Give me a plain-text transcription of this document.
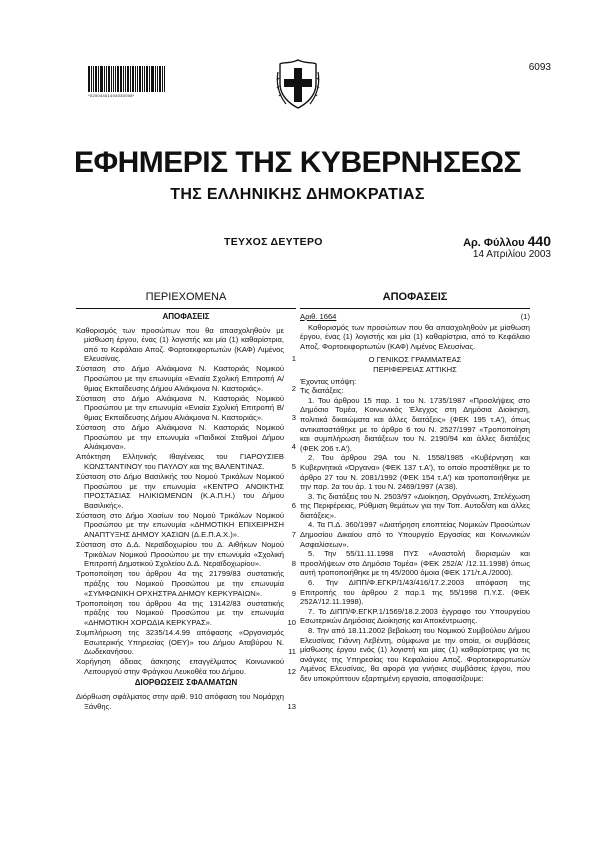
*02004401404030008*
6093
ΕΦΗΜΕΡΙΣ ΤΗΣ ΚΥΒΕΡΝΗΣΕΩΣ
ΤΗΣ ΕΛΛΗΝΙΚΗΣ ΔΗΜΟΚΡΑΤΙΑΣ
ΤΕΥΧΟΣ ΔΕΥΤΕΡΟ	Αρ. Φύλλου 440
14 Απριλίου 2003
ΠΕΡΙΕΧΟΜΕΝΑ
ΑΠΟΦΑΣΕΙΣ
Καθορισμός των προσώπων που θα απασχοληθούν με μίσθωση έργου, ένας (1) λογιστής και μία (1) καθαρίστρια, από το Κεφάλαιο Αποζ. Φορτοεκφορτωτών (ΚΑΦ) Λιμένος Ελευσίνας.	1
Σύσταση στο Δήμο Αλιάκμονα Ν. Καστοριάς Νομικού Προσώπου με την επωνυμία «Ενιαία Σχολική Επιτροπή Α/θμιας Εκπαίδευσης Δήμου Αλιάκμονα Ν. Καστοριάς».	2
Σύσταση στο Δήμο Αλιάκμονα Ν. Καστοριάς Νομικού Προσώπου με την επωνυμία «Ενιαία Σχολική Επιτροπή Β/θμιας Εκπαίδευσης Δήμου Αλιάκμονα Ν. Καστοριάς».	3
Σύσταση στο Δήμο Αλιάκμονα Ν. Καστοριάς Νομικού Προσώπου με την επωνυμία «Παιδικοί Σταθμοί Δήμου Αλιάκμονα».	4
Απόκτηση Ελληνικής Ιθαγένειας του ΓΙΑΡΟΥΣΙΕΒ ΚΩΝΣΤΑΝΤΙΝΟΥ του ΠΑΥΛΟΥ και της ΒΑΛΕΝΤΙΝΑΣ.	5
Σύσταση στο Δήμο Βασιλικής του Νομού Τρικάλων Νομικού Προσώπου με την επωνυμία «ΚΕΝΤΡΟ ΑΝΟΙΚΤΗΣ ΠΡΟΣΤΑΣΙΑΣ ΗΛΙΚΙΩΜΕΝΩΝ (Κ.Α.Π.Η.) του Δήμου Βασιλικής».	6
Σύσταση στο Δήμο Χασίων του Νομού Τρικάλων Νομικού Προσώπου με την επωνυμία «ΔΗΜΟΤΙΚΗ ΕΠΙΧΕΙΡΗΣΗ ΑΝΑΠΤΥΞΗΣ ΔΗΜΟΥ ΧΑΣΙΩΝ (Δ.Ε.Π.Α.Χ.)».	7
Σύσταση στο Δ.Δ. Νεραϊδοχωρίου του Δ. Αιθήκων Νομού Τρικάλων Νομικού Προσώπου με την επωνυμία «Σχολική Επιτροπή Δημοτικού Σχολείου Δ.Δ. Νεραϊδοχωρίου».	8
Τροποποίηση του άρθρου 4α της 21799/83 συστατικής πράξης του Νομικού Προσώπου με την επωνυμία «ΣΥΜΦΩΝΙΚΗ ΟΡΧΗΣΤΡΑ ΔΗΜΟΥ ΚΕΡΚΥΡΑΙΩΝ».	9
Τροποποίηση του άρθρου 4α της 13142/83 συστατικής πράξης του Νομικού Προσώπου με την επωνυμία «ΔΗΜΟΤΙΚΗ ΧΟΡΩΔΙΑ ΚΕΡΚΥΡΑΣ».	10
Συμπλήρωση της 3235/14.4.99 απόφασης «Οργανισμός Εσωτερικής Υπηρεσίας (ΟΕΥ)» του Δήμου Αταβύρου Ν. Δωδεκανήσου.	11
Χορήγηση άδειας άσκησης επαγγέλματος Κοινωνικού Λειτουργού στην Φράγκου Λευκοθέα του Δήμου.	12
ΔΙΟΡΘΩΣΕΙΣ ΣΦΑΛΜΑΤΩΝ
Διόρθωση σφάλματος στην αριθ. 910 απόφαση του Νομάρχη Ξάνθης.	13
ΑΠΟΦΑΣΕΙΣ
Αριθ. 1664	(1)

Καθορισμός των προσώπων που θα απασχοληθούν με μίσθωση έργου, ένας (1) λογιστής και μία (1) καθαρίστρια, από το Κεφάλαιο Αποζ. Φορτοεκφορτωτών (ΚΑΦ) Λιμένος Ελευσίνας.

Ο ΓΕΝΙΚΟΣ ΓΡΑΜΜΑΤΕΑΣ
ΠΕΡΙΦΕΡΕΙΑΣ ΑΤΤΙΚΗΣ

Έχοντας υπόψη:

Τις διατάξεις:

1. Του άρθρου 15 παρ. 1 του Ν. 1735/1987 «Προσλήψεις στο Δημόσιο Τομέα, Κοινωνικός Έλεγχος στη Δημόσια Διοίκηση, πολιτικά δικαιώματα και άλλες διατάξεις» (ΦΕΚ 195 τ.Α'), όπως αντικαταστάθηκε με το άρθρο 6 του Ν. 2527/1997 «Τροποποίηση και συμπλήρωση διατάξεων του Ν. 2190/94 και άλλες διατάξεις (ΦΕΚ 206 τ.Α').

2. Του άρθρου 29Α του Ν. 1558/1985 «Κυβέρνηση και Κυβερνητικά «Όργανα» (ΦΕΚ 137 τ.Α'), το οποίο προστέθηκε με το άρθρο 27 του Ν. 2081/1992 (ΦΕΚ 154 τ.Α') και τροποποιήθηκε με την παρ. 2α του άρ. 1 του Ν. 2469/1997 (Α'38).

3. Τις διατάξεις του Ν. 2503/97 «Διοίκηση, Οργάνωση, Στελέχωση της Περιφέρειας, Ρύθμιση θεμάτων για την Τοπ. Αυτοδ/ση και άλλες διατάξεις».

4. Τα Π.Δ. 360/1997 «Διατήρηση εποπτείας Νομικών Προσώπων Δημοσίου Δικαίου από το Υπουργείο Εργασίας και Κοινωνικών Ασφαλίσεων».

5. Την 55/11.11.1998 ΠΥΣ «Αναστολή διορισμών και προσλήψεων στο Δημόσιο Τομέα» (ΦΕΚ 252/Α' /12.11.1998) όπως αυτή τροποποιήθηκε με τη 45/2000 όμοια (ΦΕΚ 171/τ.Α./2000).

6. Την ΔΙΠΠ/Φ.ΕΓΚΡ/1/43/416/17.2.2003 απόφαση της Επιτροπής του άρθρου 2 παρ.1 της 55/1998 Π.Υ.Σ. (ΦΕΚ 252Α'/12.11.1998).

7. Το ΔΙΠΠ/Φ.ΕΓΚΡ.1/1569/18.2.2003 έγγραφο του Υπουργείου Εσωτερικών Δημόσιας Διοίκησης και Αποκέντρωσης.

8. Την από 18.11.2002 βεβαίωση του Νομικού Συμβούλου Δήμου Ελευσίνας Γιάννη Λεβέντη, σύμφωνα με την οποία, οι συμβάσεις μίσθωσης έργου ενός (1) λογιστή και μίας (1) καθαρίστριας για τις ανάγκες της Υπηρεσίας του Κεφαλαίου Αποζ. Φορτοεκφορτωτών Λιμένος Ελευσίνας, θα αφορά για γνήσιες συμβάσεις έργου, που δεν υποκρύπτουν εξαρτημένη εργασία, αποφασίζουμε:
